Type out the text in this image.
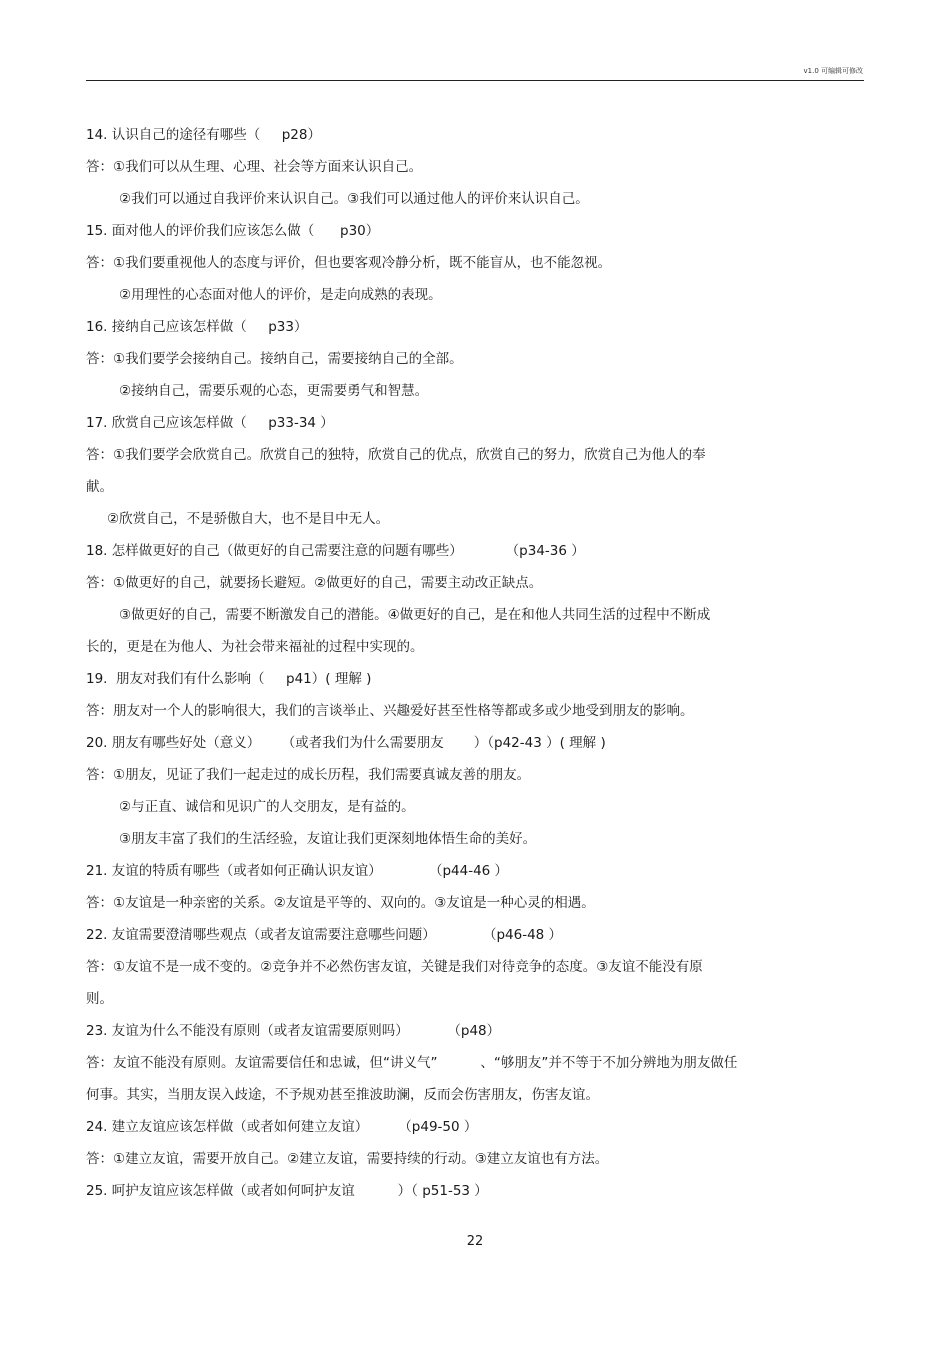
v1.0 可编辑可修改
14. 认识自己的途径有哪些（     p28）
答：①我们可以从生理、心理、社会等方面来认识自己。
②我们可以通过自我评价来认识自己。③我们可以通过他人的评价来认识自己。
15. 面对他人的评价我们应该怎么做（      p30）
答：①我们要重视他人的态度与评价，但也要客观冷静分析，既不能盲从，也不能忽视。
②用理性的心态面对他人的评价，是走向成熟的表现。
16. 接纳自己应该怎样做（     p33）
答：①我们要学会接纳自己。接纳自己，需要接纳自己的全部。
②接纳自己，需要乐观的心态，更需要勇气和智慧。
17. 欣赏自己应该怎样做（     p33-34 ）
答：①我们要学会欣赏自己。欣赏自己的独特，欣赏自己的优点，欣赏自己的努力，欣赏自己为他人的奉
献。
②欣赏自己，不是骄傲自大，也不是目中无人。
18. 怎样做更好的自己（做更好的自己需要注意的问题有哪些）          （p34-36 ）
答：①做更好的自己，就要扬长避短。②做更好的自己，需要主动改正缺点。
③做更好的自己，需要不断激发自己的潜能。④做更好的自己，是在和他人共同生活的过程中不断成
长的，更是在为他人、为社会带来福祉的过程中实现的。
19.  朋友对我们有什么影响（     p41）( 理解 )
答：朋友对一个人的影响很大，我们的言谈举止、兴趣爱好甚至性格等都或多或少地受到朋友的影响。
20. 朋友有哪些好处（意义）     （或者我们为什么需要朋友       ）（p42-43 ）( 理解 )
答：①朋友，见证了我们一起走过的成长历程，我们需要真诚友善的朋友。
②与正直、诚信和见识广的人交朋友，是有益的。
③朋友丰富了我们的生活经验，友谊让我们更深刻地体悟生命的美好。
21. 友谊的特质有哪些（或者如何正确认识友谊）           （p44-46 ）
答：①友谊是一种亲密的关系。②友谊是平等的、双向的。③友谊是一种心灵的相遇。
22. 友谊需要澄清哪些观点（或者友谊需要注意哪些问题）           （p46-48 ）
答：①友谊不是一成不变的。②竞争并不必然伤害友谊，关键是我们对待竞争的态度。③友谊不能没有原
则。
23. 友谊为什么不能没有原则（或者友谊需要原则吗）         （p48）
答：友谊不能没有原则。友谊需要信任和忠诚，但“讲义气”          、“够朋友”并不等于不加分辨地为朋友做任
何事。其实，当朋友误入歧途，不予规劝甚至推波助澜，反而会伤害朋友，伤害友谊。
24. 建立友谊应该怎样做（或者如何建立友谊）       （p49-50 ）
答：①建立友谊，需要开放自己。②建立友谊，需要持续的行动。③建立友谊也有方法。
25. 呵护友谊应该怎样做（或者如何呵护友谊          ）（ p51-53 ）
22
